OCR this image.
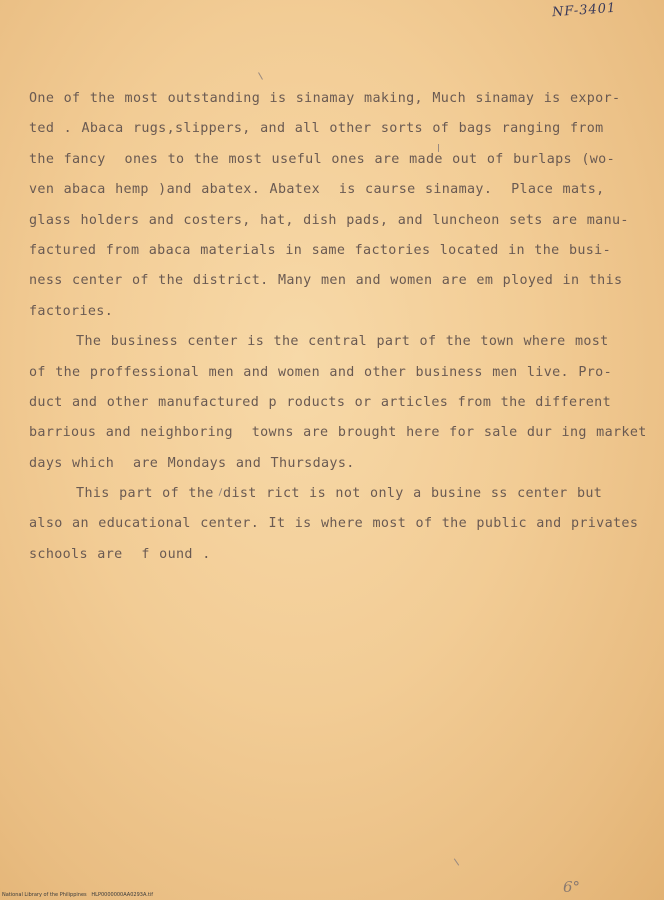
NF-3401
One of the most outstanding is sinamay making, Much sinamay is expor-
ted . Abaca rugs,slippers, and all other sorts of bags ranging from
the fancy  ones to the most useful ones are made out of burlaps (wo-
ven abaca hemp )and abatex. Abatex  is caurse sinamay.  Place mats,
glass holders and costers, hat, dish pads, and luncheon sets are manu-
factured from abaca materials in same factories located in the busi-
ness center of the district. Many men and women are em ployed in this
factories.
The business center is the central part of the town where most
of the proffessional men and women and other business men live. Pro-
duct and other manufactured p roducts or articles from the different
barrious and neighboring  towns are brought here for sale dur ing market
days which  are Mondays and Thursdays.
This part of the dist rict is not only a busine ss center but
also an educational center. It is where most of the public and privates
schools are  f ound .
6°
National Library of the Philippines   HLP0000000AA0293A.tif
